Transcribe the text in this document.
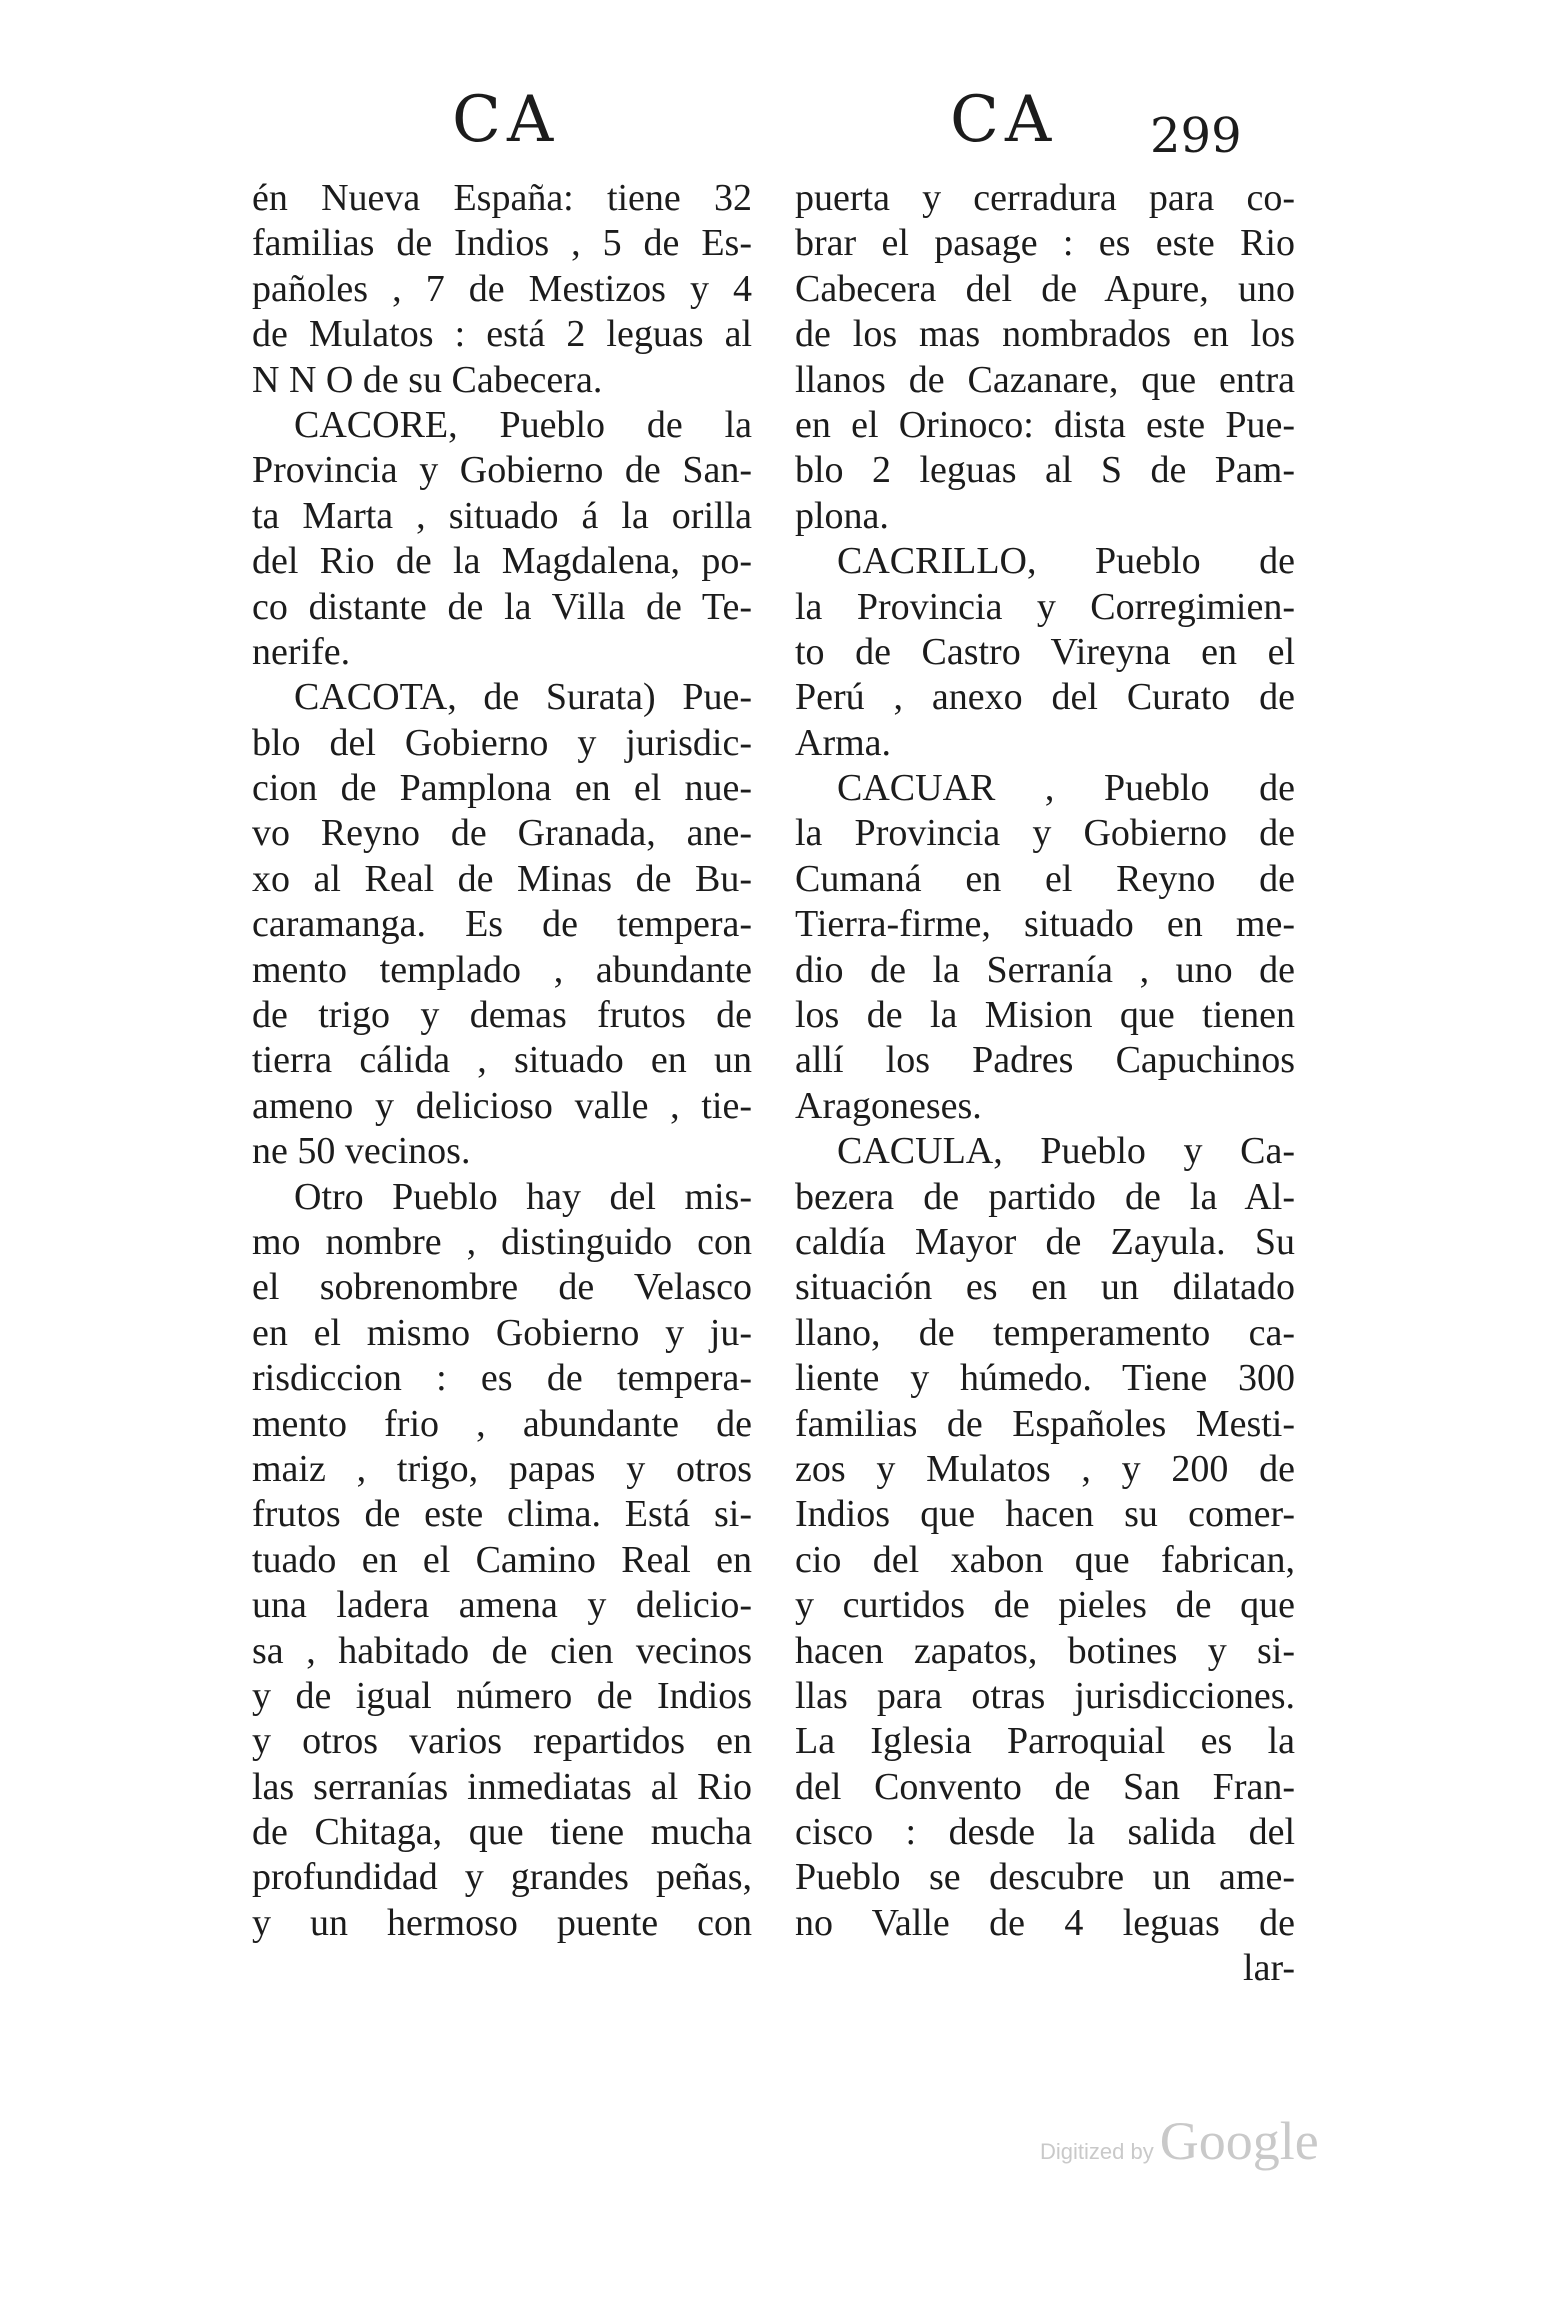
CA	CA 299
én Nueva España: tiene 32
familias de Indios , 5 de Es-
pañoles , 7 de Mestizos y 4
de Mulatos : está 2 leguas al
N N O de su Cabecera.
CACORE, Pueblo de la
Provincia y Gobierno de San-
ta Marta , situado á la orilla
del Rio de la Magdalena, po-
co distante de la Villa de Te-
nerife.
CACOTA, de Surata) Pue-
blo del Gobierno y jurisdic-
cion de Pamplona en el nue-
vo Reyno de Granada, ane-
xo al Real de Minas de Bu-
caramanga. Es de tempera-
mento templado , abundante
de trigo y demas frutos de
tierra cálida , situado en un
ameno y delicioso valle , tie-
ne 50 vecinos.
Otro Pueblo hay del mis-
mo nombre , distinguido con
el sobrenombre de Velasco
en el mismo Gobierno y ju-
risdiccion : es de tempera-
mento frio , abundante de
maiz , trigo, papas y otros
frutos de este clima. Está si-
tuado en el Camino Real en
una ladera amena y delicio-
sa , habitado de cien vecinos
y de igual número de Indios
y otros varios repartidos en
las serranías inmediatas al Rio
de Chitaga, que tiene mucha
profundidad y grandes peñas,
y un hermoso puente con
puerta y cerradura para co-
brar el pasage : es este Rio
Cabecera del de Apure, uno
de los mas nombrados en los
llanos de Cazanare, que entra
en el Orinoco: dista este Pue-
blo 2 leguas al S de Pam-
plona.
CACRILLO, Pueblo de
la Provincia y Corregimien-
to de Castro Vireyna en el
Perú , anexo del Curato de
Arma.
CACUAR , Pueblo de
la Provincia y Gobierno de
Cumaná en el Reyno de
Tierra-firme, situado en me-
dio de la Serranía , uno de
los de la Mision que tienen
allí los Padres Capuchinos
Aragoneses.
CACULA, Pueblo y Ca-
bezera de partido de la Al-
caldía Mayor de Zayula. Su
situación es en un dilatado
llano, de temperamento ca-
liente y húmedo. Tiene 300
familias de Españoles Mesti-
zos y Mulatos , y 200 de
Indios que hacen su comer-
cio del xabon que fabrican,
y curtidos de pieles de que
hacen zapatos, botines y si-
llas para otras jurisdicciones.
La Iglesia Parroquial es la
del Convento de San Fran-
cisco : desde la salida del
Pueblo se descubre un ame-
no Valle de 4 leguas de
lar-
Digitized by Google
